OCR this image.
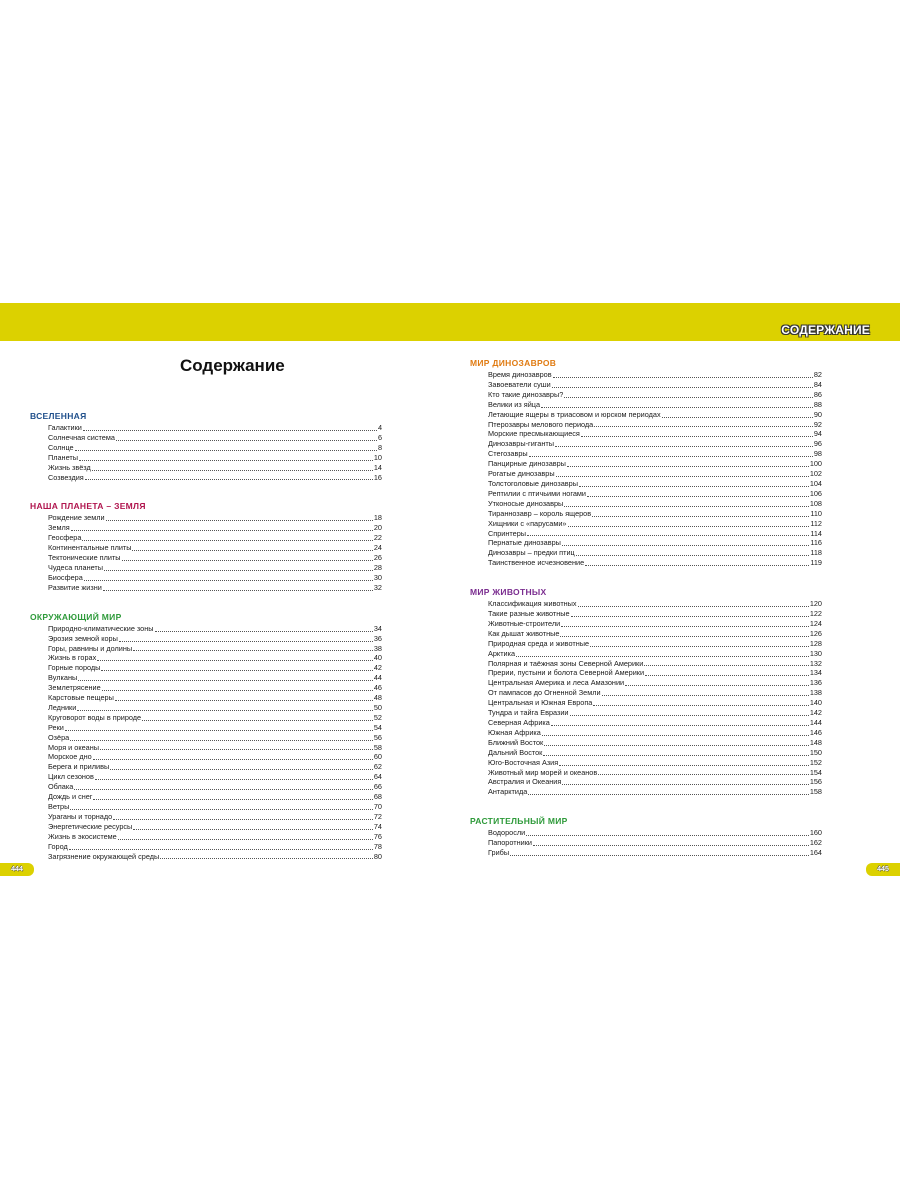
СОДЕРЖАНИЕ
Содержание
ВСЕЛЕННАЯ
Галактики	4
Солнечная система	6
Солнце	8
Планеты	10
Жизнь звёзд	14
Созвездия	16
НАША ПЛАНЕТА – ЗЕМЛЯ
Рождение земли	18
Земля	20
Геосфера	22
Континентальные плиты	24
Тектонические плиты	26
Чудеса планеты	28
Биосфера	30
Развитие жизни	32
ОКРУЖАЮЩИЙ МИР
Природно-климатические зоны	34
Эрозия земной коры	36
Горы, равнины и долины	38
Жизнь в горах	40
Горные породы	42
Вулканы	44
Землетрясение	46
Карстовые пещеры	48
Ледники	50
Круговорот воды в природе	52
Реки	54
Озёра	56
Моря и океаны	58
Морское дно	60
Берега и приливы	62
Цикл сезонов	64
Облака	66
Дождь и снег	68
Ветры	70
Ураганы и торнадо	72
Энергетические ресурсы	74
Жизнь в экосистеме	76
Город	78
Загрязнение окружающей среды	80
МИР ДИНОЗАВРОВ
Время динозавров	82
Завоеватели суши	84
Кто такие динозавры?	86
Велики из яйца	88
Летающие ящеры в триасовом и юрском периодах	90
Птерозавры мелового периода	92
Морские пресмыкающиеся	94
Динозавры-гиганты	96
Стегозавры	98
Панцирные динозавры	100
Рогатые динозавры	102
Толстоголовые динозавры	104
Рептилии с птичьими ногами	106
Утконосые динозавры	108
Тираннозавр – король ящеров	110
Хищники с «парусами»	112
Спринтеры	114
Пернатые динозавры	116
Динозавры – предки птиц	118
Таинственное исчезновение	119
МИР ЖИВОТНЫХ
Классификация животных	120
Такие разные животные	122
Животные-строители	124
Как дышат животные	126
Природная среда и животные	128
Арктика	130
Полярная и таёжная зоны Северной Америки	132
Прерии, пустыни и болота Северной Америки	134
Центральная Америка и леса Амазонии	136
От пампасов до Огненной Земли	138
Центральная и Южная Европа	140
Тундра и тайга Евразии	142
Северная Африка	144
Южная Африка	146
Ближний Восток	148
Дальний Восток	150
Юго-Восточная Азия	152
Животный мир морей и океанов	154
Австралия и Океания	156
Антарктида	158
РАСТИТЕЛЬНЫЙ МИР
Водоросли	160
Папоротники	162
Грибы	164
444	445
